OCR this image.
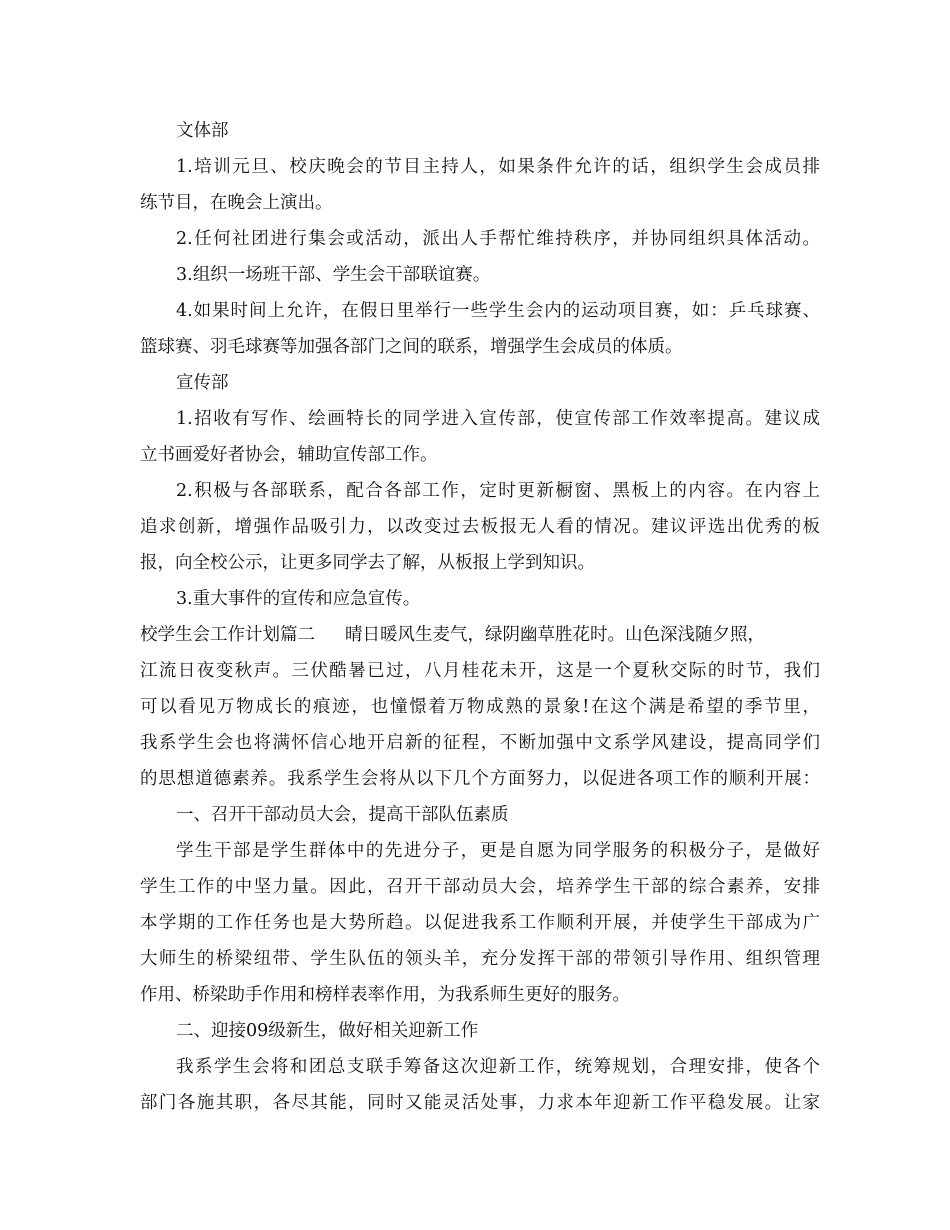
文体部
1.培训元旦、校庆晚会的节目主持人，如果条件允许的话，组织学生会成员排
练节目，在晚会上演出。
2.任何社团进行集会或活动，派出人手帮忙维持秩序，并协同组织具体活动。
3.组织一场班干部、学生会干部联谊赛。
4.如果时间上允许，在假日里举行一些学生会内的运动项目赛，如：乒乓球赛、
篮球赛、羽毛球赛等加强各部门之间的联系，增强学生会成员的体质。
宣传部
1.招收有写作、绘画特长的同学进入宣传部，使宣传部工作效率提高。建议成
立书画爱好者协会，辅助宣传部工作。
2.积极与各部联系，配合各部工作，定时更新橱窗、黑板上的内容。在内容上
追求创新，增强作品吸引力，以改变过去板报无人看的情况。建议评选出优秀的板
报，向全校公示，让更多同学去了解，从板报上学到知识。
3.重大事件的宣传和应急宣传。
校学生会工作计划篇二 晴日暖风生麦气，绿阴幽草胜花时。山色深浅随夕照，
江流日夜变秋声。三伏酷暑已过，八月桂花未开，这是一个夏秋交际的时节，我们
可以看见万物成长的痕迹，也憧憬着万物成熟的景象!在这个满是希望的季节里，
我系学生会也将满怀信心地开启新的征程，不断加强中文系学风建设，提高同学们
的思想道德素养。我系学生会将从以下几个方面努力，以促进各项工作的顺利开展：
一、召开干部动员大会，提高干部队伍素质
学生干部是学生群体中的先进分子，更是自愿为同学服务的积极分子，是做好
学生工作的中坚力量。因此，召开干部动员大会，培养学生干部的综合素养，安排
本学期的工作任务也是大势所趋。以促进我系工作顺利开展，并使学生干部成为广
大师生的桥梁纽带、学生队伍的领头羊，充分发挥干部的带领引导作用、组织管理
作用、桥梁助手作用和榜样表率作用，为我系师生更好的服务。
二、迎接09级新生，做好相关迎新工作
我系学生会将和团总支联手筹备这次迎新工作，统筹规划，合理安排，使各个
部门各施其职，各尽其能，同时又能灵活处事，力求本年迎新工作平稳发展。让家
